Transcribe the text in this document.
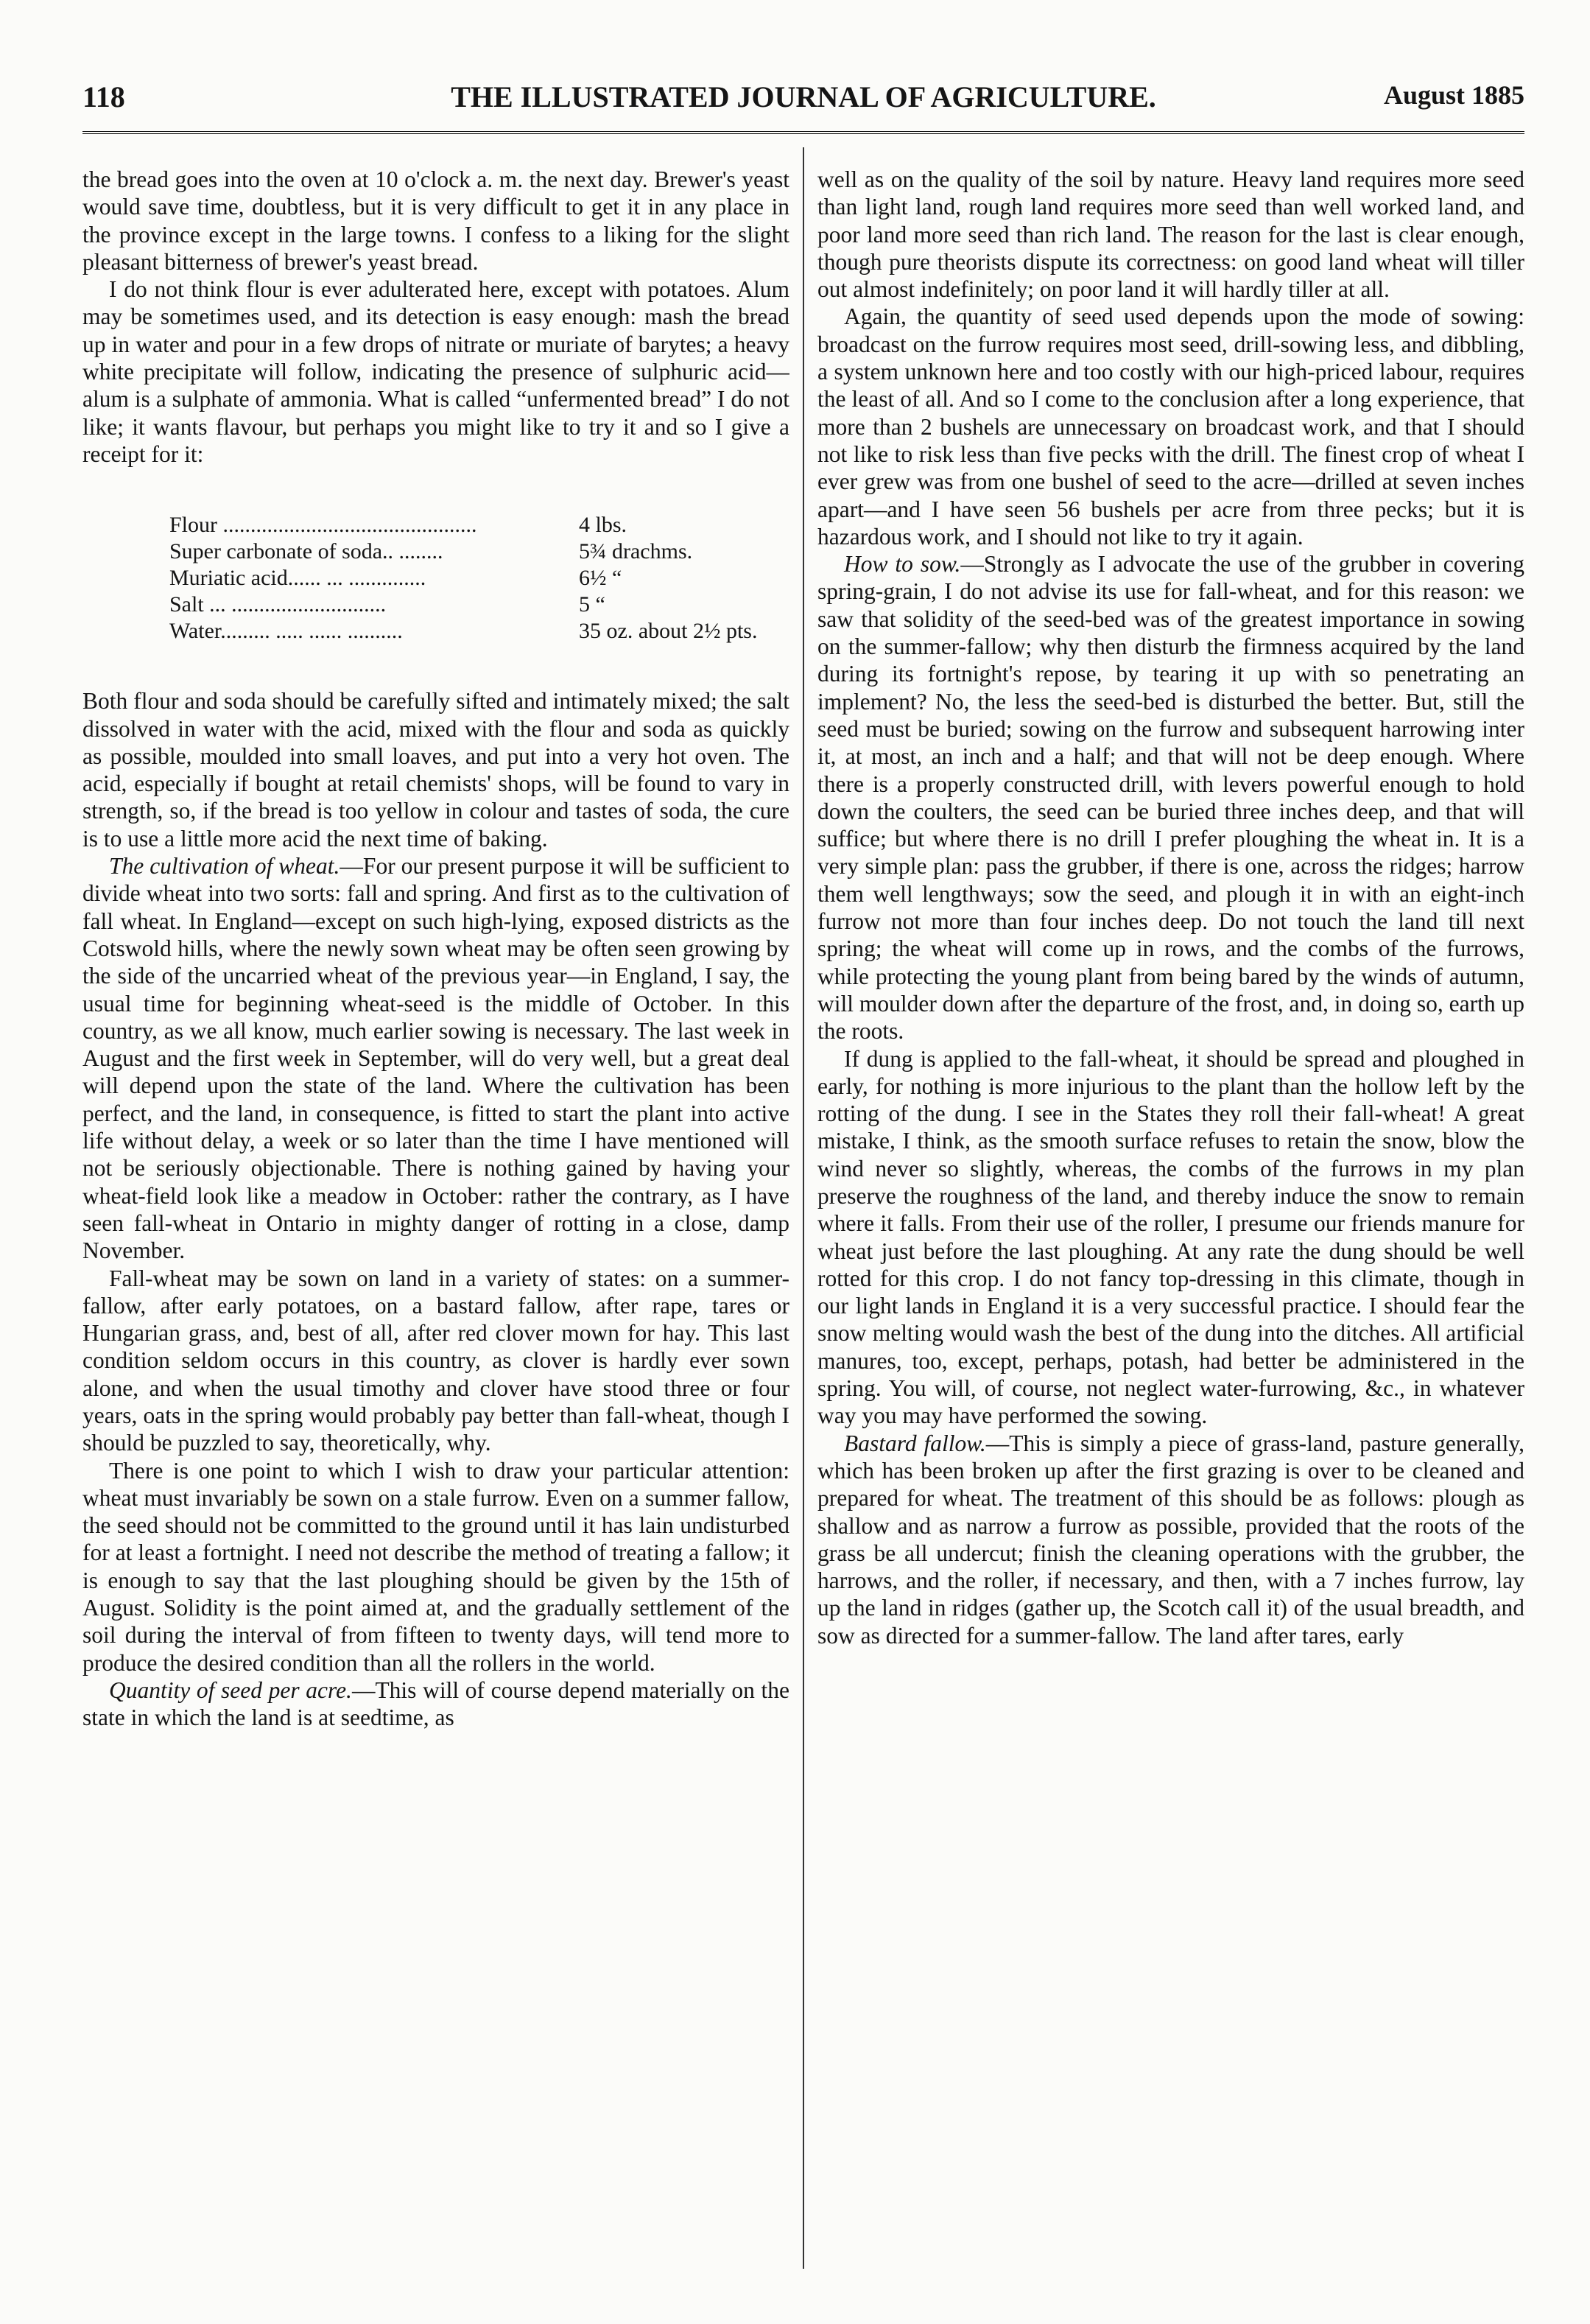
118	THE ILLUSTRATED JOURNAL OF AGRICULTURE.	August 1885

the bread goes into the oven at 10 o'clock a. m. the next day. Brewer's yeast would save time, doubtless, but it is very difficult to get it in any place in the province except in the large towns. I confess to a liking for the slight pleasant bitterness of brewer's yeast bread.

I do not think flour is ever adulterated here, except with potatoes. Alum may be sometimes used, and its detection is easy enough: mash the bread up in water and pour in a few drops of nitrate or muriate of barytes; a heavy white precipitate will follow, indicating the presence of sulphuric acid—alum is a sulphate of ammonia. What is called “unfermented bread” I do not like; it wants flavour, but perhaps you might like to try it and so I give a receipt for it:

Flour ..............................................	4 lbs.
Super carbonate of soda.. ........	5¾ drachms.
Muriatic acid...... ... ..............	6½ “
Salt ... ............................	5 “
Water......... ..... ...... ..........	35 oz. about 2½ pts.

Both flour and soda should be carefully sifted and intimately mixed; the salt dissolved in water with the acid, mixed with the flour and soda as quickly as possible, moulded into small loaves, and put into a very hot oven. The acid, especially if bought at retail chemists' shops, will be found to vary in strength, so, if the bread is too yellow in colour and tastes of soda, the cure is to use a little more acid the next time of baking.

The cultivation of wheat.—For our present purpose it will be sufficient to divide wheat into two sorts: fall and spring. And first as to the cultivation of fall wheat. In England—except on such high-lying, exposed districts as the Cotswold hills, where the newly sown wheat may be often seen growing by the side of the uncarried wheat of the previous year—in England, I say, the usual time for beginning wheat-seed is the middle of October. In this country, as we all know, much earlier sowing is necessary. The last week in August and the first week in September, will do very well, but a great deal will depend upon the state of the land. Where the cultivation has been perfect, and the land, in consequence, is fitted to start the plant into active life without delay, a week or so later than the time I have mentioned will not be seriously objectionable. There is nothing gained by having your wheat-field look like a meadow in October: rather the contrary, as I have seen fall-wheat in Ontario in mighty danger of rotting in a close, damp November.

Fall-wheat may be sown on land in a variety of states: on a summer-fallow, after early potatoes, on a bastard fallow, after rape, tares or Hungarian grass, and, best of all, after red clover mown for hay. This last condition seldom occurs in this country, as clover is hardly ever sown alone, and when the usual timothy and clover have stood three or four years, oats in the spring would probably pay better than fall-wheat, though I should be puzzled to say, theoretically, why.

There is one point to which I wish to draw your particular attention: wheat must invariably be sown on a stale furrow. Even on a summer fallow, the seed should not be committed to the ground until it has lain undisturbed for at least a fortnight. I need not describe the method of treating a fallow; it is enough to say that the last ploughing should be given by the 15th of August. Solidity is the point aimed at, and the gradually settlement of the soil during the interval of from fifteen to twenty days, will tend more to produce the desired condition than all the rollers in the world.

Quantity of seed per acre.—This will of course depend materially on the state in which the land is at seedtime, as

well as on the quality of the soil by nature. Heavy land requires more seed than light land, rough land requires more seed than well worked land, and poor land more seed than rich land. The reason for the last is clear enough, though pure theorists dispute its correctness: on good land wheat will tiller out almost indefinitely; on poor land it will hardly tiller at all.

Again, the quantity of seed used depends upon the mode of sowing: broadcast on the furrow requires most seed, drill-sowing less, and dibbling, a system unknown here and too costly with our high-priced labour, requires the least of all. And so I come to the conclusion after a long experience, that more than 2 bushels are unnecessary on broadcast work, and that I should not like to risk less than five pecks with the drill. The finest crop of wheat I ever grew was from one bushel of seed to the acre—drilled at seven inches apart—and I have seen 56 bushels per acre from three pecks; but it is hazardous work, and I should not like to try it again.

How to sow.—Strongly as I advocate the use of the grubber in covering spring-grain, I do not advise its use for fall-wheat, and for this reason: we saw that solidity of the seed-bed was of the greatest importance in sowing on the summer-fallow; why then disturb the firmness acquired by the land during its fortnight's repose, by tearing it up with so penetrating an implement? No, the less the seed-bed is disturbed the better. But, still the seed must be buried; sowing on the furrow and subsequent harrowing inter it, at most, an inch and a half; and that will not be deep enough. Where there is a properly constructed drill, with levers powerful enough to hold down the coulters, the seed can be buried three inches deep, and that will suffice; but where there is no drill I prefer ploughing the wheat in. It is a very simple plan: pass the grubber, if there is one, across the ridges; harrow them well lengthways; sow the seed, and plough it in with an eight-inch furrow not more than four inches deep. Do not touch the land till next spring; the wheat will come up in rows, and the combs of the furrows, while protecting the young plant from being bared by the winds of autumn, will moulder down after the departure of the frost, and, in doing so, earth up the roots.

If dung is applied to the fall-wheat, it should be spread and ploughed in early, for nothing is more injurious to the plant than the hollow left by the rotting of the dung. I see in the States they roll their fall-wheat! A great mistake, I think, as the smooth surface refuses to retain the snow, blow the wind never so slightly, whereas, the combs of the furrows in my plan preserve the roughness of the land, and thereby induce the snow to remain where it falls. From their use of the roller, I presume our friends manure for wheat just before the last ploughing. At any rate the dung should be well rotted for this crop. I do not fancy top-dressing in this climate, though in our light lands in England it is a very successful practice. I should fear the snow melting would wash the best of the dung into the ditches. All artificial manures, too, except, perhaps, potash, had better be administered in the spring. You will, of course, not neglect water-furrowing, &c., in whatever way you may have performed the sowing.

Bastard fallow.—This is simply a piece of grass-land, pasture generally, which has been broken up after the first grazing is over to be cleaned and prepared for wheat. The treatment of this should be as follows: plough as shallow and as narrow a furrow as possible, provided that the roots of the grass be all undercut; finish the cleaning operations with the grubber, the harrows, and the roller, if necessary, and then, with a 7 inches furrow, lay up the land in ridges (gather up, the Scotch call it) of the usual breadth, and sow as directed for a summer-fallow. The land after tares, early
